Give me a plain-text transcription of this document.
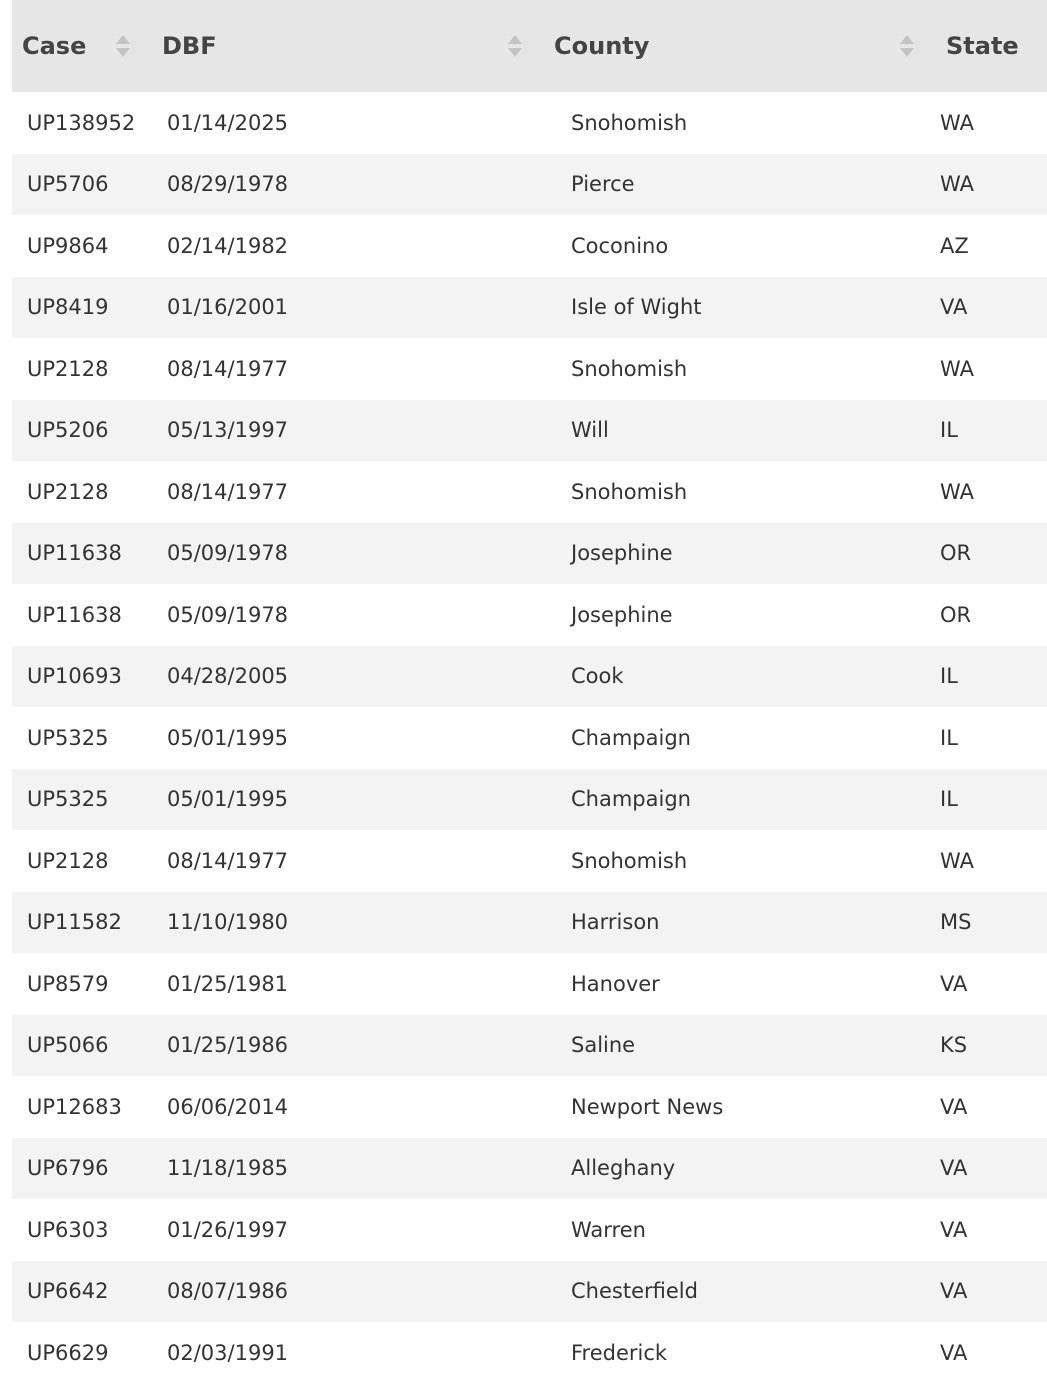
Case	DBF	County	State
UP138952	01/14/2025	Snohomish	WA
UP5706	08/29/1978	Pierce	WA
UP9864	02/14/1982	Coconino	AZ
UP8419	01/16/2001	Isle of Wight	VA
UP2128	08/14/1977	Snohomish	WA
UP5206	05/13/1997	Will	IL
UP2128	08/14/1977	Snohomish	WA
UP11638	05/09/1978	Josephine	OR
UP11638	05/09/1978	Josephine	OR
UP10693	04/28/2005	Cook	IL
UP5325	05/01/1995	Champaign	IL
UP5325	05/01/1995	Champaign	IL
UP2128	08/14/1977	Snohomish	WA
UP11582	11/10/1980	Harrison	MS
UP8579	01/25/1981	Hanover	VA
UP5066	01/25/1986	Saline	KS
UP12683	06/06/2014	Newport News	VA
UP6796	11/18/1985	Alleghany	VA
UP6303	01/26/1997	Warren	VA
UP6642	08/07/1986	Chesterfield	VA
UP6629	02/03/1991	Frederick	VA
